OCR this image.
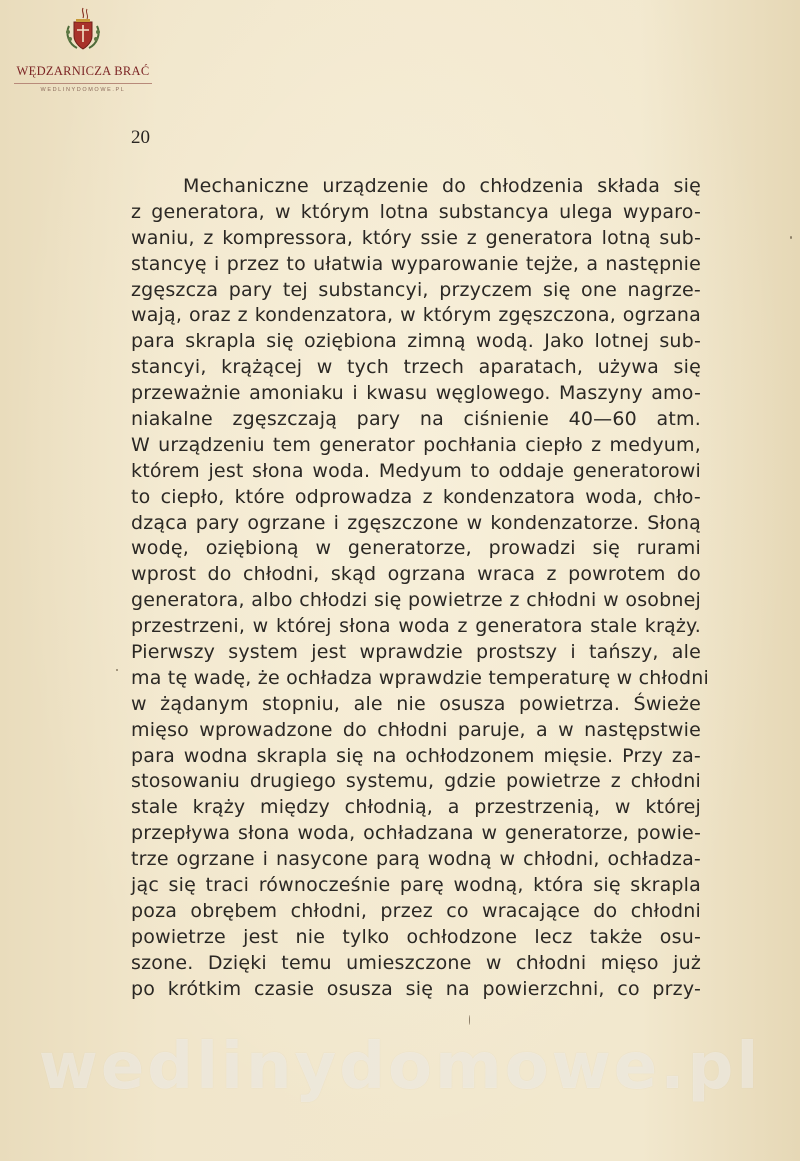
WĘDZARNICZA BRAĆ
WEDLINYDOMOWE.PL
20
Mechaniczne urządzenie do chłodzenia składa się
z generatora, w którym lotna substancya ulega wyparo-
waniu, z kompressora, który ssie z generatora lotną sub-
stancyę i przez to ułatwia wyparowanie tejże, a następnie
zgęszcza pary tej substancyi, przyczem się one nagrze-
wają, oraz z kondenzatora, w którym zgęszczona, ogrzana
para skrapla się oziębiona zimną wodą. Jako lotnej sub-
stancyi, krążącej w tych trzech aparatach, używa się
przeważnie amoniaku i kwasu węglowego. Maszyny amo-
niakalne zgęszczają pary na ciśnienie 40—60 atm.
W urządzeniu tem generator pochłania ciepło z medyum,
którem jest słona woda. Medyum to oddaje generatorowi
to ciepło, które odprowadza z kondenzatora woda, chło-
dząca pary ogrzane i zgęszczone w kondenzatorze. Słoną
wodę, oziębioną w generatorze, prowadzi się rurami
wprost do chłodni, skąd ogrzana wraca z powrotem do
generatora, albo chłodzi się powietrze z chłodni w osobnej
przestrzeni, w której słona woda z generatora stale krąży.
Pierwszy system jest wprawdzie prostszy i tańszy, ale
ma tę wadę, że ochładza wprawdzie temperaturę w chłodni
w żądanym stopniu, ale nie osusza powietrza. Świeże
mięso wprowadzone do chłodni paruje, a w następstwie
para wodna skrapla się na ochłodzonem mięsie. Przy za-
stosowaniu drugiego systemu, gdzie powietrze z chłodni
stale krąży między chłodnią, a przestrzenią, w której
przepływa słona woda, ochładzana w generatorze, powie-
trze ogrzane i nasycone parą wodną w chłodni, ochładza-
jąc się traci równocześnie parę wodną, która się skrapla
poza obrębem chłodni, przez co wracające do chłodni
powietrze jest nie tylko ochłodzone lecz także osu-
szone. Dzięki temu umieszczone w chłodni mięso już
po krótkim czasie osusza się na powierzchni, co przy-
wedlinydomowe.pl
